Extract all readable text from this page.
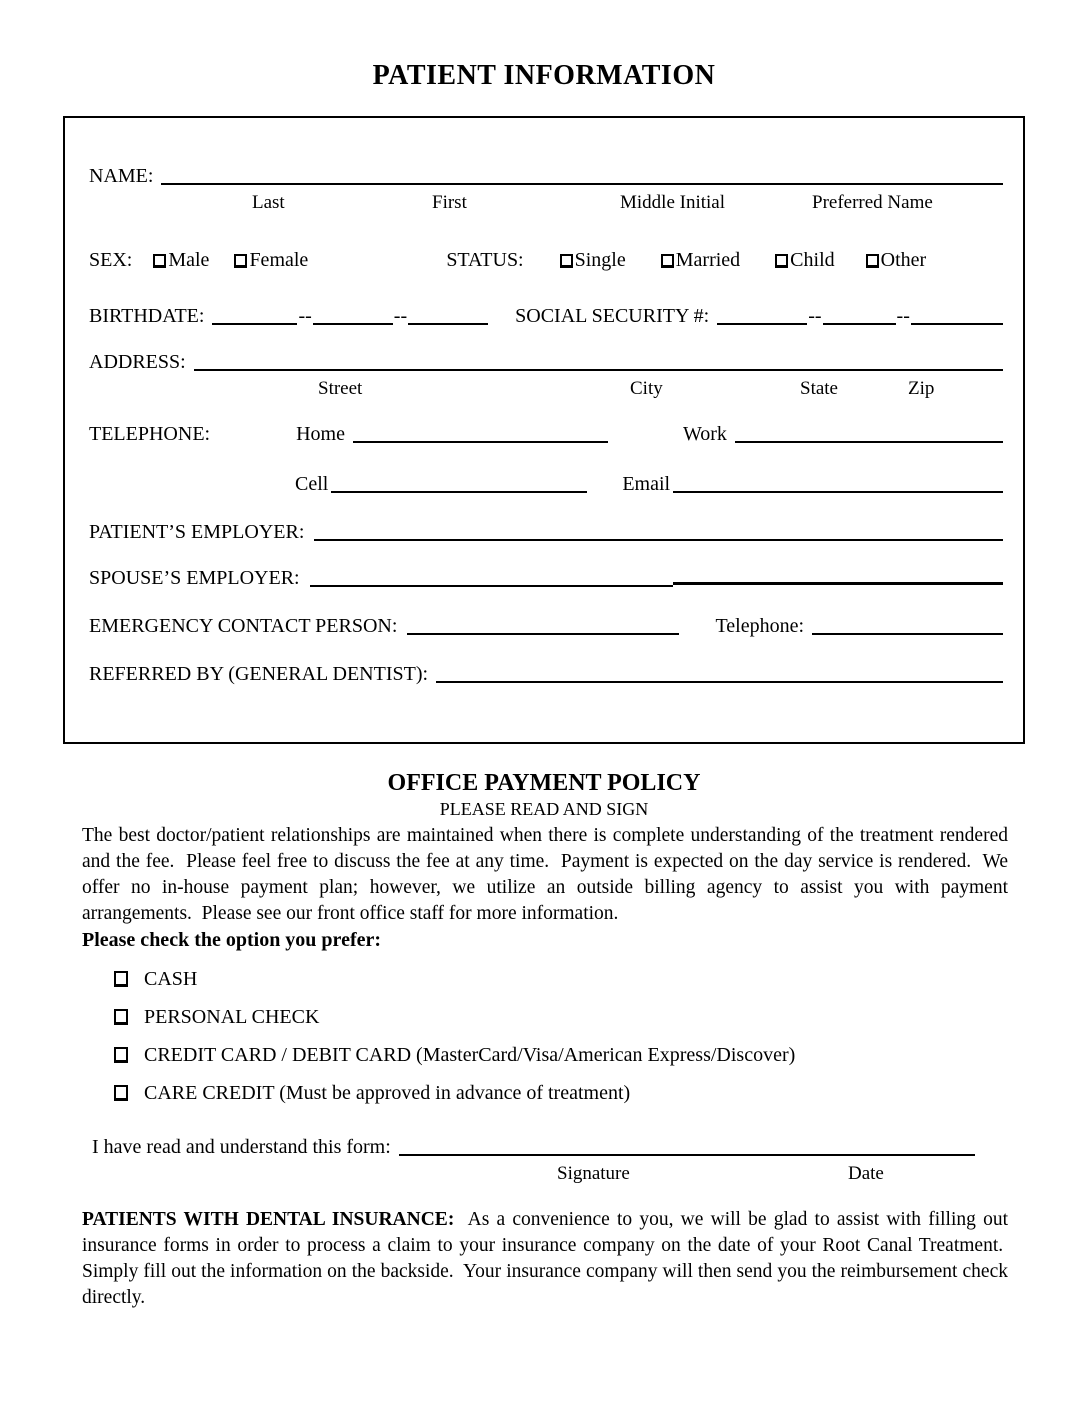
PATIENT INFORMATION
NAME:
Last	First	Middle Initial	Preferred Name
SEX: Male Female	STATUS:	Single	Married	Child Other
BIRTHDATE:	--	--	SOCIAL SECURITY #:	--	--
ADDRESS:
Street	City	State	Zip
TELEPHONE:	Home	Work
Cell	Email
PATIENT’S EMPLOYER:
SPOUSE’S EMPLOYER:
EMERGENCY CONTACT PERSON:	Telephone:
REFERRED BY (GENERAL DENTIST):
OFFICE PAYMENT POLICY
PLEASE READ AND SIGN
The best doctor/patient relationships are maintained when there is complete understanding of the treatment rendered and the fee.  Please feel free to discuss the fee at any time.  Payment is expected on the day service is rendered.  We offer no in-house payment plan; however, we utilize an outside billing agency to assist you with payment arrangements.  Please see our front office staff for more information.
Please check the option you prefer:
CASH
PERSONAL CHECK
CREDIT CARD / DEBIT CARD (MasterCard/Visa/American Express/Discover)
CARE CREDIT (Must be approved in advance of treatment)
I have read and understand this form:
Signature	Date
PATIENTS WITH DENTAL INSURANCE:  As a convenience to you, we will be glad to assist with filling out insurance forms in order to process a claim to your insurance company on the date of your Root Canal Treatment.  Simply fill out the information on the backside.  Your insurance company will then send you the reimbursement check directly.
